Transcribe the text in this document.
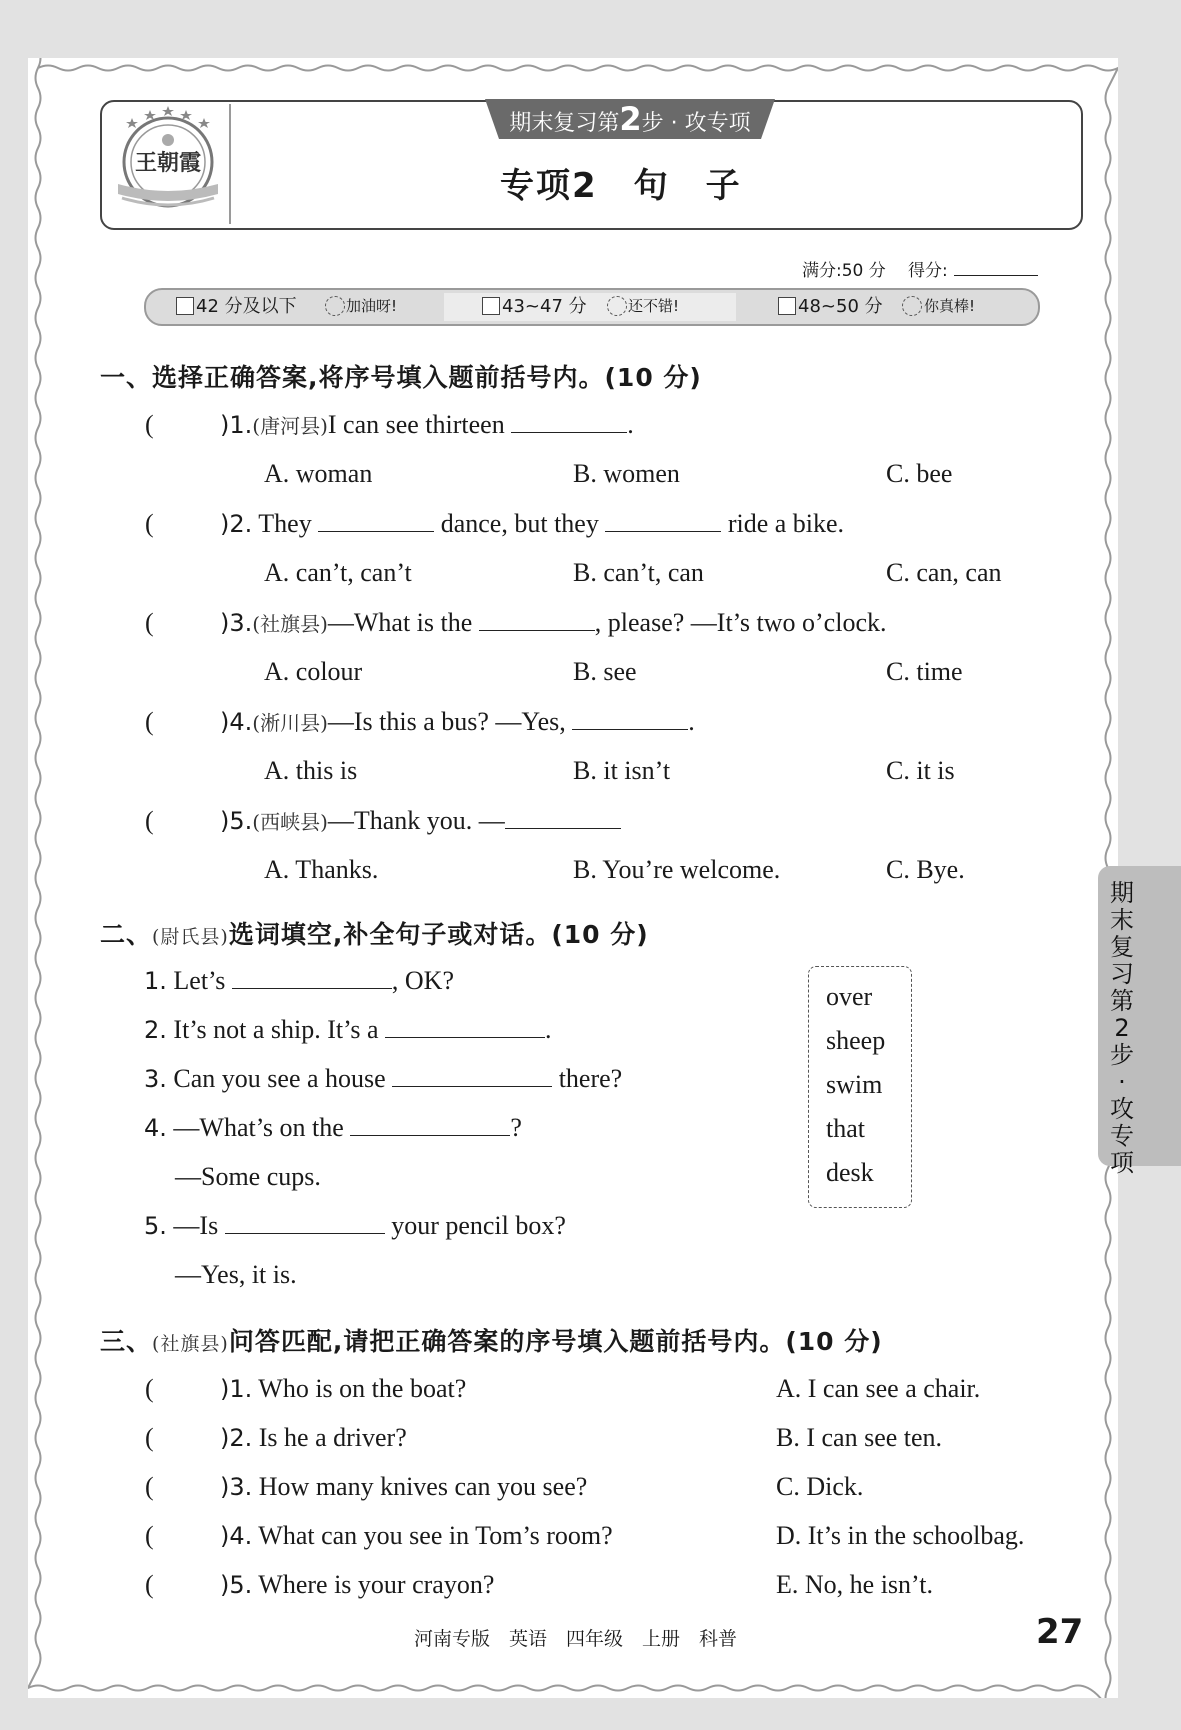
王朝霞
期末复习第2步 · 攻专项
专项2　句　子
满分:50 分 得分:
42 分及以下	加油呀!	43~47 分	还不错!	48~50 分	你真棒!
一、选择正确答案,将序号填入题前括号内。(10 分)
(	)1.(唐河县)I can see thirteen	.
A. woman	B. women	C. bee
(	)2. They	dance, but they	ride a bike.
A. can’t, can’t	B. can’t, can	C. can, can
(	)3.(社旗县)—What is the	, please? —It’s two o’clock.
A. colour	B. see	C. time
(	)4.(淅川县)—Is this a bus? —Yes,	.
A. this is	B. it isn’t	C. it is
(	)5.(西峡县)—Thank you. —
A. Thanks.	B. You’re welcome.	C. Bye.
二、(尉氏县)选词填空,补全句子或对话。(10 分)
1. Let’s	, OK?
2. It’s not a ship. It’s a	.
3. Can you see a house	there?
4. —What’s on the	?
—Some cups.
5. —Is	your pencil box?
—Yes, it is.
over
sheep
swim
that
desk
三、(社旗县)问答匹配,请把正确答案的序号填入题前括号内。(10 分)
(	)1. Who is on the boat?	A. I can see a chair.
(	)2. Is he a driver?	B. I can see ten.
(	)3. How many knives can you see?	C. Dick.
(	)4. What can you see in Tom’s room?	D. It’s in the schoolbag.
(	)5. Where is your crayon?	E. No, he isn’t.
期末复习第2步·攻专项
河南专版　英语　四年级　上册　科普	27
